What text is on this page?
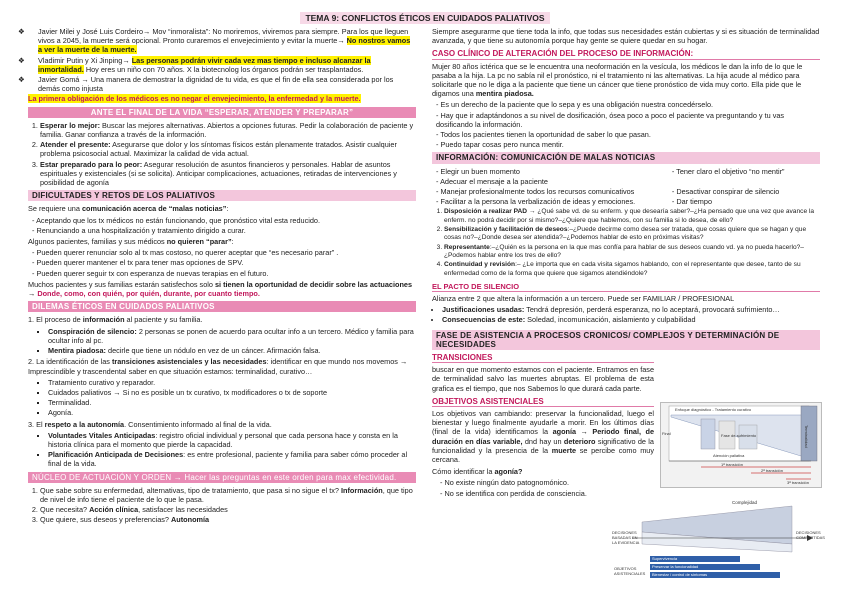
TEMA 9: CONFLICTOS ÉTICOS EN CUIDADOS PALIATIVOS
❖ Javier Milei y José Luis Cordeiro→ Mov “inmoralista”: No moriremos, viviremos para siempre. Para los que lleguen vivos a 2045, la muerte será opcional. Pronto curaremos el envejecimiento y evitar la muerte→ No nostros vamos a ver la muerte de la muerte.
❖ Vladimir Putin y Xi Jinping→ Las personas podrán vivir cada vez mas tiempo e incluso alcanzar la inmortalidad. Hoy eres un niño con 70 años. X la biotecnolog los órganos podrán ser trasplantados.
❖ Javier Gomá → Una manera de demostrar la dignidad de tu vida, es que el fin de ella sea considerada por los demás como injusta

La primera obligación de los médicos es no negar el envejecimiento, la enfermedad y la muerte.

ANTE EL FINAL DE LA VIDA “ESPERAR, ATENDER Y PREPARAR”
1. Esperar lo mejor: Buscar las mejores alternativas. Abiertos a opciones futuras. Pedir la colaboración de paciente y familia. Ganar confianza a través de la información.
2. Atender el presente: Asegurarse que dolor y los síntomas físicos están plenamente tratados. Asistir cualquier problema psicosocial actual. Maximizar la calidad de vida actual.
3. Estar preparado para lo peor: Asegurar resolución de asuntos financieros y personales. Hablar de asuntos espirituales y existenciales (si se solicita). Anticipar complicaciones, actuaciones, retiradas de intervenciones y posibilidad de agonía
DIFICULTADES Y RETOS DE LOS PALIATIVOS

Se requiere una comunicación acerca de “malas noticias”:

- Aceptando que los tx médicos no están funcionando, que pronóstico vital esta reducido.
- Renunciando a una hospitalización y tratamiento dirigido a curar.

Algunos pacientes, familias y sus médicos no quieren “parar”:

- Pueden querer renunciar solo al tx mas costoso, no querer aceptar que “es necesario parar” .
- Pueden querer mantener el tx para tener mas opciones de SPV.
- Pueden querer seguir tx con esperanza de nuevas terapias en el futuro.

Muchos pacientes y sus familias estarán satisfechos solo si tienen la oportunidad de decidir sobre las actuaciones → Donde, como, con quién, por quién, durante, por cuanto tiempo.

DILEMAS ÉTICOS EN CUIDADOS PALIATIVOS

1. El proceso de información al paciente y su familia.

▪ Conspiración de silencio: 2 personas se ponen de acuerdo para ocultar info a un tercero. Médico y familia para ocultar info al pc.
▪ Mentira piadosa: decirle que tiene un nódulo en vez de un cáncer. Afirmación falsa.

2. La identificación de las transiciones asistenciales y las necesidades: identificar en que mundo nos movemos → Imprescindible y trascendental saber en que situación estamos: terminalidad, curativo…

▪ Tratamiento curativo y reparador.
▪ Cuidados paliativos → Si no es posible un tx curativo, tx modificadores o tx de soporte
▪ Terminalidad.
▪ Agonía.

3. El respeto a la autonomía. Consentimiento informado al final de la vida.

▪ Voluntades Vitales Anticipadas: registro oficial individual y personal que cada persona hace y consta en la historia clínica para el momento que pierde la capacidad.
▪ Planificación Anticipada de Decisiones: es entre profesional, paciente y familia para saber cómo proceder al final de la vida.
NÚCLEO DE ACTUACIÓN Y ORDEN → Hacer las preguntas en este orden para max efectividad.
1. Que sabe sobre su enfermedad, alternativas, tipo de tratamiento, que pasa si no sigue el tx? Información, que tipo de nivel de info tiene el paciente de lo que le pasa.
2. Que necesita? Acción clínica, satisfacer las necesidades
3. Que quiere, sus deseos y preferencias? Autonomía

Siempre asegurarme que tiene toda la info, que todas sus necesidades están cubiertas y si es situación de terminalidad avanzada, y que tiene su autonomía porque hay gente se quiere quedar en su hogar.

CASO CLÍNICO DE ALTERACIÓN DEL PROCESO DE INFORMACIÓN:

Mujer 80 años ictérica que se le encuentra una neoformación en la vesícula, los médicos le dan la info de lo que le pasaba a la hija. La pc no sabía nil el pronóstico, ni el tratamiento ni las alternativas. La hija acude al médico para solicitarle que no le diga a la paciente que tiene un cáncer que tiene pronóstico de vida muy corto. Ella pide que le digamos una mentira piadosa.

- Es un derecho de la paciente que lo sepa y es una obligación nuestra concedérselo.
- Hay que ir adaptándonos a su nivel de dosificación, ósea poco a poco el paciente va preguntando y tu vas dosificando la información.
- Todos los pacientes tienen la oportunidad de saber lo que pasan.
- Puedo tapar cosas pero nunca mentir.
INFORMACIÓN: COMUNICACIÓN DE MALAS NOTICIAS
- Elegir un buen momento
- Adecuar el mensaje a la paciente
- Manejar profesionalmente todos los recursos comunicativos
- Facilitar a la persona la verbalización de ideas y emociones.
- Tener claro el objetivo “no mentir”
- Desactivar conspirar de silencio
- Dar tiempo
1. Disposición a realizar PAD → ¿Qué sabe vd. de su enferm. y que desearía saber?–¿Ha pensado que una vez que avance la enferm. no podrá decidir por si mismo?–¿Quiere que hablemos, con su familia si lo desea, de ello?
2. Sensibilización y facilitación de deseos:–¿Puede decirme como desea ser tratada, que cosas quiere que se hagan y que cosas no?–¿Donde desea ser atendida?–¿Podemos hablar de esto en próximas visitas?
3. Representante:–¿Quién es la persona en la que mas confía para hablar de sus deseos cuando vd. ya no pueda hacerlo?–¿Podemos hablar entre los tres de ello?
4. Continuidad y revisión:– ¿Le importa que en cada visita sigamos hablando, con el representante que desee, tanto de su enfermedad como de la forma que quiere que sigamos atendiéndole?
EL PACTO DE SILENCIO

Alianza entre 2 que altera la información a un tercero. Puede ser FAMILIAR / PROFESIONAL

• Justificaciones usadas: Tendrá depresión, perderá esperanza, no lo aceptará, provocará sufrimiento…
• Consecuencias de este: Soledad, incomunicación, aislamiento y culpabilidad
FASE DE ASISTENCIA A PROCESOS CRONICOS/ COMPLEJOS Y DETERMINACIÓN DE NECESIDADES
TRANSICIONES

buscar en que momento estamos con el paciente. Entramos en fase de terminalidad salvo las muertes abruptas. El problema de esta grafica es el tiempo, que nos Sabemos lo que durará cada parte.

OBJETIVOS ASISTENCIALES

Los objetivos van cambiando: preservar la funcionalidad, luego el bienestar y luego finalmente ayudarle a morir. En los últimos días (final de la vida) identificamos la agonía → Periodo final, de duración en días variable, dnd hay un deterioro significativo de la funcionalidad y la presencia de la muerte se percibe como muy cercana.

Cómo identificar la agonía?

- No existe ningún dato patognomónico.
- No se identifica con perdida de consciencia.
Enfoque diagnóstico - Tratamiento curativo
Terminalidad
Fase de sufrimiento
Atención paliativa
1ª transición
2ª transición
3ª transición
Final
Complejidad
DECISIONES BASADAS EN LA EVIDENCIA
DECISIONES COMPARTIDAS
Supervivencia
Preservar la funcionalidad
Bienestar / control de síntomas
OBJETIVOS ASISTENCIALES
